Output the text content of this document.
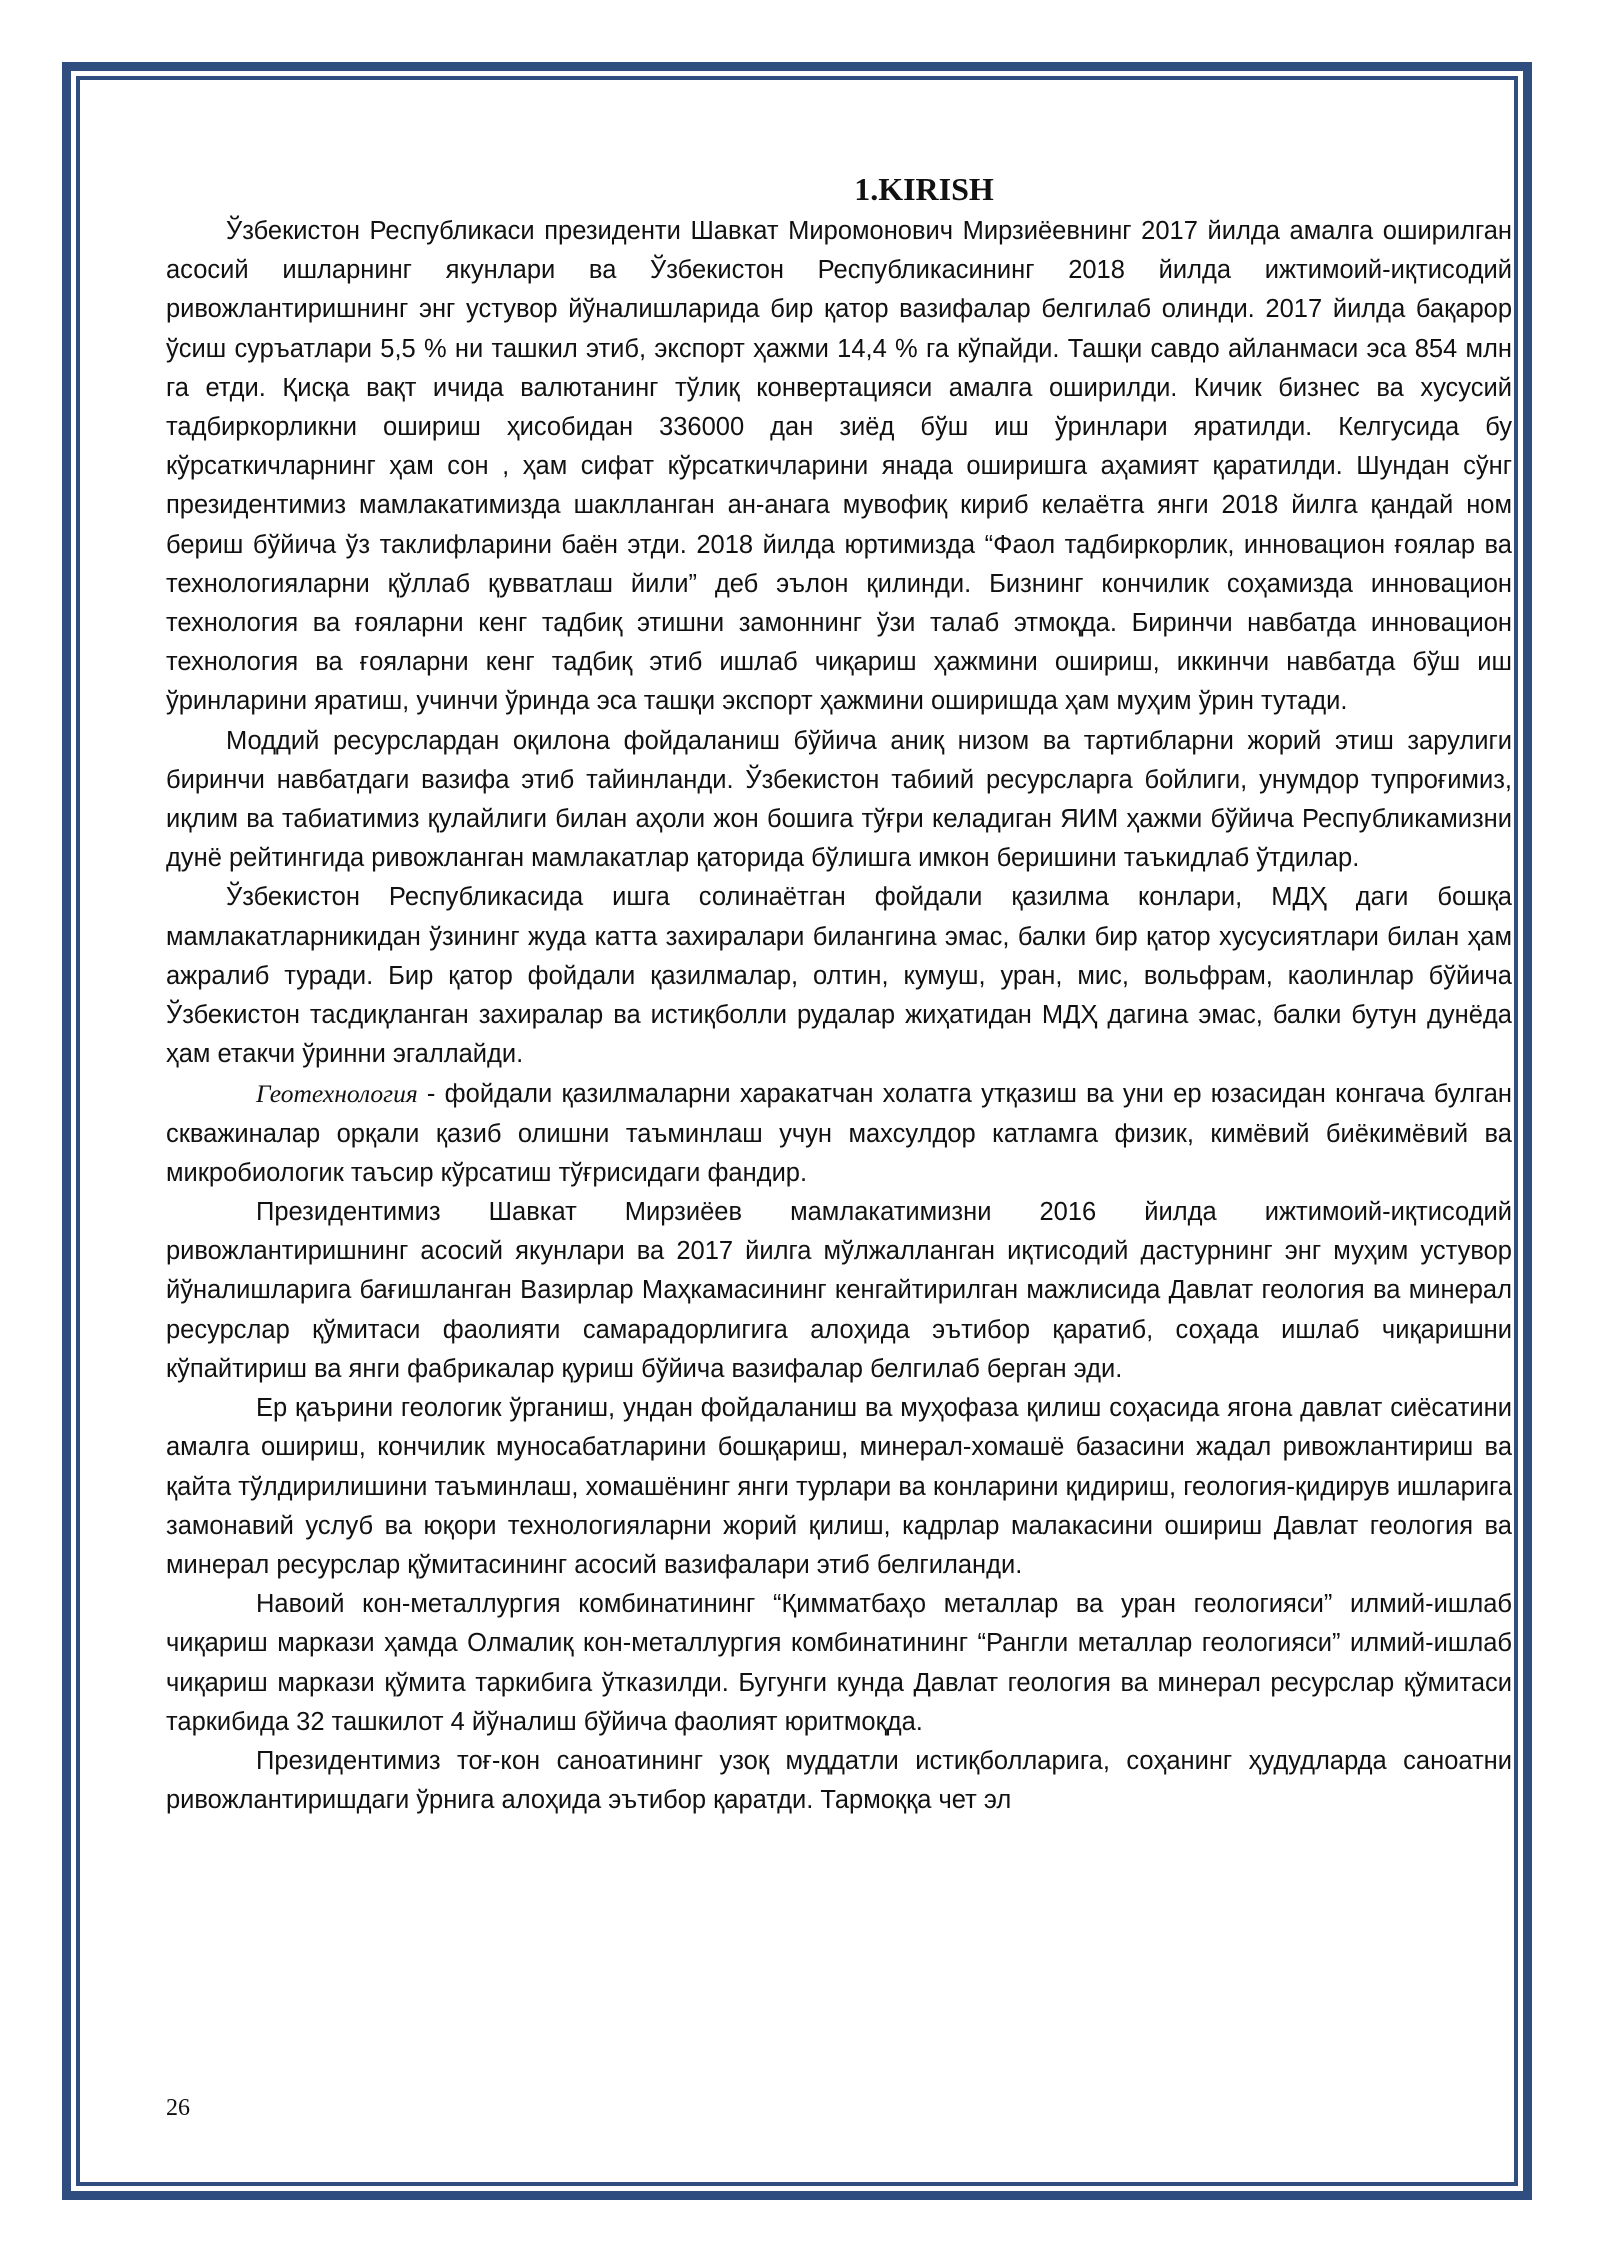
1.KIRISH

Ўзбекистон Республикаси президенти Шавкат Миромонович Мирзиёевнинг 2017 йилда амалга оширилган асосий ишларнинг якунлари ва Ўзбекистон Республикасининг 2018 йилда ижтимоий-иқтисодий ривожлантиришнинг энг устувор йўналишларида бир қатор вазифалар белгилаб олинди. 2017 йилда бақарор ўсиш суръатлари 5,5 % ни ташкил этиб, экспорт ҳажми 14,4 % га кўпайди. Ташқи савдо айланмаси эса 854 млн га етди. Қисқа вақт ичида валютанинг тўлиқ конвертацияси амалга оширилди. Кичик бизнес ва хусусий тадбиркорликни ошириш ҳисобидан 336000 дан зиёд бўш иш ўринлари яратилди. Келгусида бу кўрсаткичларнинг ҳам сон , ҳам сифат кўрсаткичларини янада оширишга аҳамият қаратилди. Шундан сўнг президентимиз мамлакатимизда шаклланган ан-анага мувофиқ кириб келаётга янги 2018 йилга қандай ном бериш бўйича ўз таклифларини баён этди. 2018 йилда юртимизда “Фаол тадбиркорлик, инновацион ғоялар ва технологияларни қўллаб қувватлаш йили” деб эълон қилинди. Бизнинг кончилик соҳамизда инновацион технология ва ғояларни кенг тадбиқ этишни замоннинг ўзи талаб этмоқда. Биринчи навбатда инновацион технология ва ғояларни кенг тадбиқ этиб ишлаб чиқариш ҳажмини ошириш, иккинчи навбатда бўш иш ўринларини яратиш, учинчи ўринда эса ташқи экспорт ҳажмини оширишда ҳам муҳим ўрин тутади.

Моддий ресурслардан оқилона фойдаланиш бўйича аниқ низом ва тартибларни жорий этиш зарулиги биринчи навбатдаги вазифа этиб тайинланди. Ўзбекистон табиий ресурсларга бойлиги, унумдор тупроғимиз, иқлим ва табиатимиз қулайлиги билан аҳоли жон бошига тўғри келадиган ЯИМ ҳажми бўйича Республикамизни дунё рейтингида ривожланган мамлакатлар қаторида бўлишга имкон беришини таъкидлаб ўтдилар.

Ўзбекистон Республикасида ишга солинаётган фойдали қазилма конлари, МДҲ даги бошқа мамлакатларникидан ўзининг жуда катта захиралари билангина эмас, балки бир қатор хусусиятлари билан ҳам ажралиб туради. Бир қатор фойдали қазилмалар, олтин, кумуш, уран, мис, вольфрам, каолинлар бўйича Ўзбекистон тасдиқланган захиралар ва истиқболли рудалар жиҳатидан МДҲ дагина эмас, балки бутун дунёда ҳам етакчи ўринни эгаллайди.

Геотехнология - фойдали қазилмаларни харакатчан холатга утқазиш ва уни ер юзасидан конгача булган скважиналар орқали қазиб олишни таъминлаш учун махсулдор катламга физик, кимёвий биёкимёвий ва микробиологик таъсир кўрсатиш тўғрисидаги фандир.

Президентимиз Шавкат Мирзиёев мамлакатимизни 2016 йилда ижтимоий-иқтисодий ривожлантиришнинг асосий якунлари ва 2017 йилга мўлжалланган иқтисодий дастурнинг энг муҳим устувор йўналишларига бағишланган Вазирлар Маҳкамасининг кенгайтирилган мажлисида Давлат геология ва минерал ресурслар қўмитаси фаолияти самарадорлигига алоҳида эътибор қаратиб, соҳада ишлаб чиқаришни кўпайтириш ва янги фабрикалар қуриш бўйича вазифалар белгилаб берган эди.

Ер қаърини геологик ўрганиш, ундан фойдаланиш ва муҳофаза қилиш соҳасида ягона давлат сиёсатини амалга ошириш, кончилик муносабатларини бошқариш, минерал-хомашё базасини жадал ривожлантириш ва қайта тўлдирилишини таъминлаш, хомашёнинг янги турлари ва конларини қидириш, геология-қидирув ишларига замонавий услуб ва юқори технологияларни жорий қилиш, кадрлар малакасини ошириш Давлат геология ва минерал ресурслар қўмитасининг асосий вазифалари этиб белгиланди.

Навоий кон-металлургия комбинатининг “Қимматбаҳо металлар ва уран геологияси” илмий-ишлаб чиқариш маркази ҳамда Олмалиқ кон-металлургия комбинатининг “Рангли металлар геологияси” илмий-ишлаб чиқариш маркази қўмита таркибига ўтказилди. Бугунги кунда Давлат геология ва минерал ресурслар қўмитаси таркибида 32 ташкилот 4 йўналиш бўйича фаолият юритмоқда.

Президентимиз тоғ-кон саноатининг узоқ муддатли истиқболларига, соҳанинг ҳудудларда саноатни ривожлантиришдаги ўрнига алоҳида эътибор қаратди. Тармоққа чет эл

26
